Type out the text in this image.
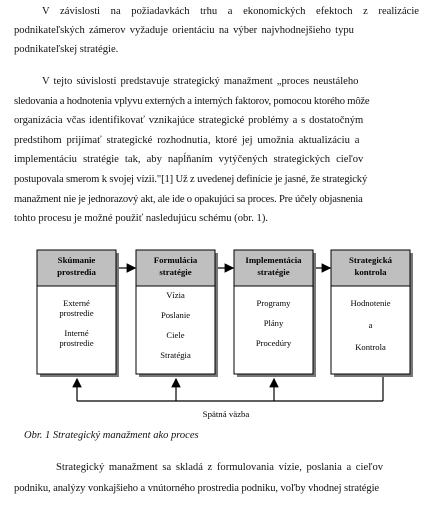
V závislosti na požiadavkách trhu a ekonomických efektoch z realizácie
podnikateľských zámerov vyžaduje orientáciu na výber najvhodnejšieho typu
podnikateľskej stratégie.
V tejto súvislosti predstavuje strategický manažment „proces neustáleho
sledovania a hodnotenia vplyvu externých a interných faktorov, pomocou ktorého môže
organizácia včas identifikovať vznikajúce strategické problémy a s dostatočným
predstihom prijímať strategické rozhodnutia, ktoré jej umožnia aktualizáciu a
implementáciu stratégie tak, aby napĺňaním vytýčených strategických cieľov
postupovala smerom k svojej vízii."[1] Už z uvedenej definície je jasné, že strategický
manažment nie je jednorazový akt, ale ide o opakujúci sa proces. Pre účely objasnenia
tohto procesu je možné použiť nasledujúcu schému (obr. 1).
Skúmanie
prostredia
Externé
prostredie
Interné
prostredie
Formulácia
stratégie
Vízia
Poslanie
Ciele
Stratégia
Implementácia
stratégie
Programy
Plány
Procedúry
Strategická
kontrola
Hodnotenie
a
Kontrola
Spätná väzba
Obr. 1 Strategický manažment ako proces
Strategický manažment sa skladá z formulovania vízie, poslania a cieľov
podniku, analýzy vonkajšieho a vnútorného prostredia podniku, voľby vhodnej stratégie
